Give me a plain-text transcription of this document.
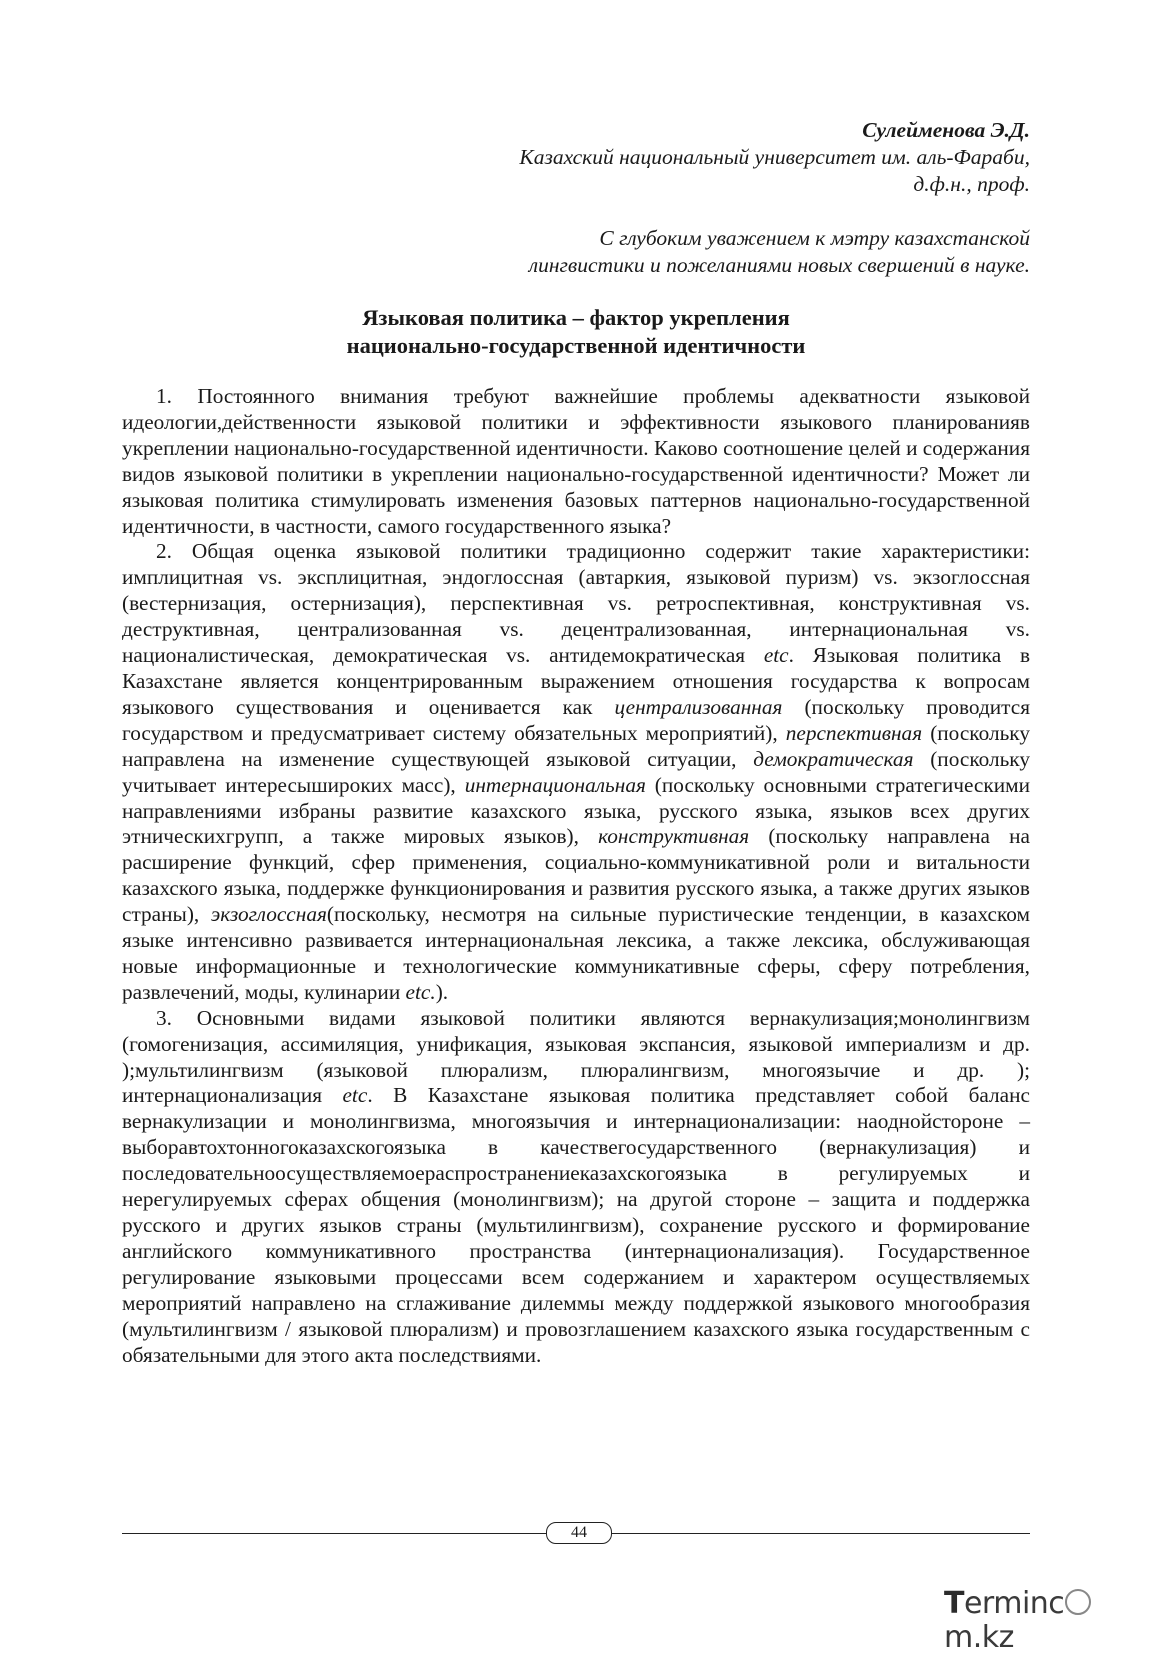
Сулейменова Э.Д.
Казахский национальный университет им. аль-Фараби,
д.ф.н., проф.
С глубоким уважением к мэтру казахстанской
лингвистики и пожеланиями новых свершений в науке.
Языковая политика – фактор укрепления
национально-государственной идентичности

1. Постоянного внимания требуют важнейшие проблемы адекватности языковой идеологии,действенности языковой политики и эффективности языкового планированияв укреплении национально-государственной идентичности. Каково соотношение целей и содержания видов языковой политики в укреплении национально-государственной идентичности? Может ли языковая политика стимулировать изменения базовых паттернов национально-государственной идентичности, в частности, самого государственного языка?

2. Общая оценка языковой политики традиционно содержит такие характеристики: имплицитная vs. эксплицитная, эндоглоссная (автаркия, языковой пуризм) vs. экзоглоссная (вестернизация, остернизация), перспективная vs. ретроспективная, конструктивная vs. деструктивная, централизованная vs. децентрализованная, интернациональная vs. националистическая, демократическая vs. антидемократическая etc. Языковая политика в Казахстане является концентрированным выражением отношения государства к вопросам языкового существования и оценивается как централизованная (поскольку проводится государством и предусматривает систему обязательных мероприятий), перспективная (поскольку направлена на изменение существующей языковой ситуации, демократическая (поскольку учитывает интересышироких масс), интернациональная (поскольку основными стратегическими направлениями избраны развитие казахского языка, русского языка, языков всех других этническихгрупп, а также мировых языков), конструктивная (поскольку направлена на расширение функций, сфер применения, социально-коммуникативной роли и витальности казахского языка, поддержке функционирования и развития русского языка, а также других языков страны), экзоглоссная(поскольку, несмотря на сильные пуристические тенденции, в казахском языке интенсивно развивается интернациональная лексика, а также лексика, обслуживающая новые информационные и технологические коммуникативные сферы, сферу потребления, развлечений, моды, кулинарии etc.).

3. Основными видами языковой политики являются вернакулизация;монолингвизм (гомогенизация, ассимиляция, унификация, языковая экспансия, языковой империализм и др. );мультилингвизм (языковой плюрализм, плюралингвизм, многоязычие и др. ); интернационализация etc. В Казахстане языковая политика представляет собой баланс вернакулизации и монолингвизма, многоязычия и интернационализации: наоднойстороне – выборавтохтонногоказахскогоязыка в качествегосударственного (вернакулизация) и последовательноосуществляемоераспространениеказахскогоязыка в регулируемых и нерегулируемых сферах общения (монолингвизм); на другой стороне – защита и поддержка русского и других языков страны (мультилингвизм), сохранение русского и формирование английского коммуникативного пространства (интернационализация). Государственное регулирование языковыми процессами всем содержанием и характером осуществляемых мероприятий направлено на сглаживание дилеммы между поддержкой языкового многообразия (мультилингвизм / языковой плюрализм) и провозглашением казахского языка государственным с обязательными для этого акта последствиями.

44
Termincm.kz
